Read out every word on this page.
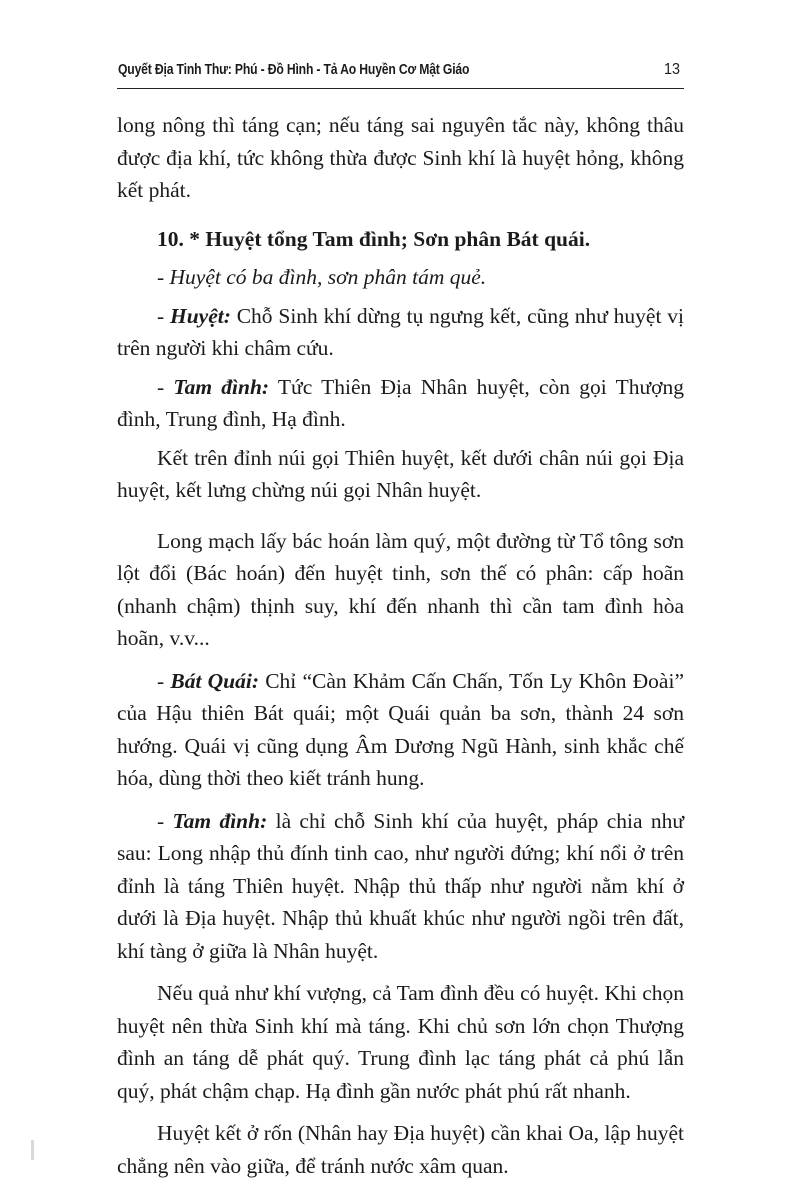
Quyết Địa Tinh Thư: Phú - Đồ Hình - Tả Ao Huyền Cơ Mật Giáo	13

long nông thì táng cạn; nếu táng sai nguyên tắc này, không thâu được địa khí, tức không thừa được Sinh khí là huyệt hỏng, không kết phát.

10. * Huyệt tổng Tam đình; Sơn phân Bát quái.

- Huyệt có ba đình, sơn phân tám quẻ.

- Huyệt: Chỗ Sinh khí dừng tụ ngưng kết, cũng như huyệt vị trên người khi châm cứu.

- Tam đình: Tức Thiên Địa Nhân huyệt, còn gọi Thượng đình, Trung đình, Hạ đình.

Kết trên đỉnh núi gọi Thiên huyệt, kết dưới chân núi gọi Địa huyệt, kết lưng chừng núi gọi Nhân huyệt.

Long mạch lấy bác hoán làm quý, một đường từ Tổ tông sơn lột đổi (Bác hoán) đến huyệt tinh, sơn thế có phân: cấp hoãn (nhanh chậm) thịnh suy, khí đến nhanh thì cần tam đình hòa hoãn, v.v...

- Bát Quái: Chỉ “Càn Khảm Cấn Chấn, Tốn Ly Khôn Đoài” của Hậu thiên Bát quái; một Quái quản ba sơn, thành 24 sơn hướng. Quái vị cũng dụng Âm Dương Ngũ Hành, sinh khắc chế hóa, dùng thời theo kiết tránh hung.

- Tam đình: là chỉ chỗ Sinh khí của huyệt, pháp chia như sau: Long nhập thủ đính tinh cao, như người đứng; khí nổi ở trên đỉnh là táng Thiên huyệt. Nhập thủ thấp như người nằm khí ở dưới là Địa huyệt. Nhập thủ khuất khúc như người ngồi trên đất, khí tàng ở giữa là Nhân huyệt.

Nếu quả như khí vượng, cả Tam đình đều có huyệt. Khi chọn huyệt nên thừa Sinh khí mà táng. Khi chủ sơn lớn chọn Thượng đình an táng dễ phát quý. Trung đình lạc táng phát cả phú lẫn quý, phát chậm chạp. Hạ đình gần nước phát phú rất nhanh.

Huyệt kết ở rốn (Nhân hay Địa huyệt) cần khai Oa, lập huyệt chẳng nên vào giữa, để tránh nước xâm quan.
